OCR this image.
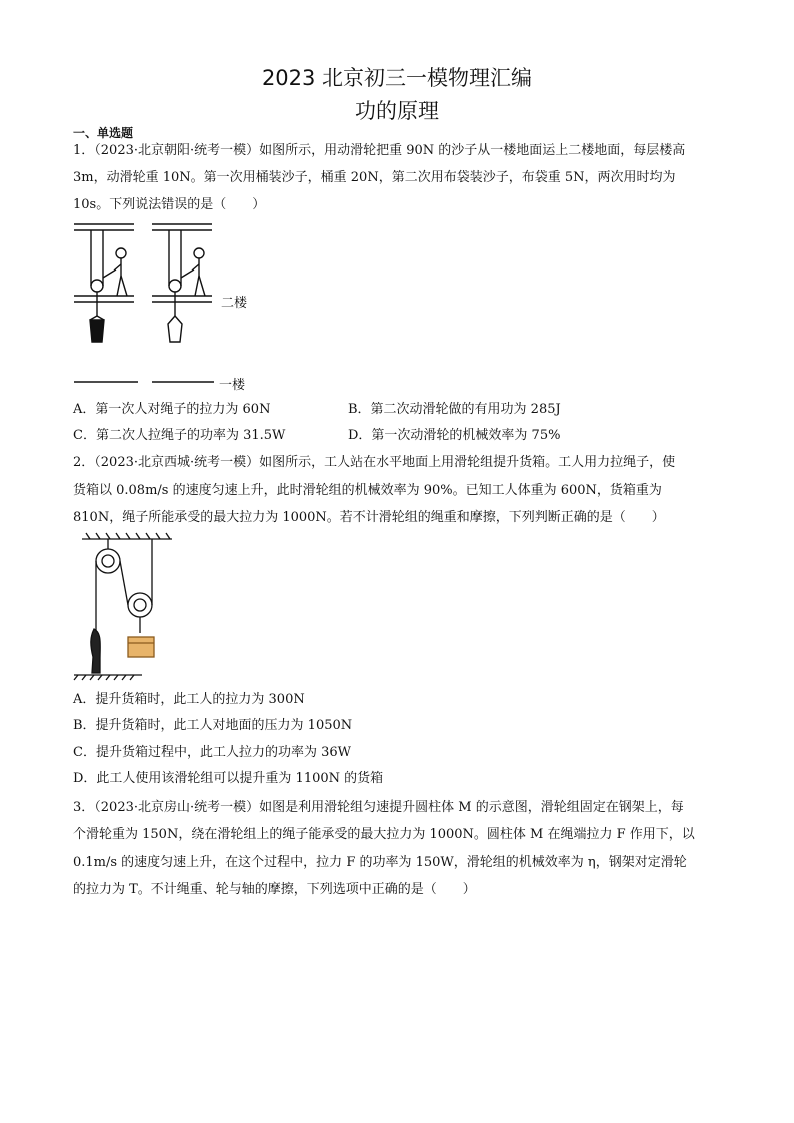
2023 北京初三一模物理汇编
功的原理
一、单选题
1．（2023·北京朝阳·统考一模）如图所示，用动滑轮把重 90N 的沙子从一楼地面运上二楼地面，每层楼高
3m，动滑轮重 10N。第一次用桶装沙子，桶重 20N，第二次用布袋装沙子，布袋重 5N，两次用时均为
10s。下列说法错误的是（　　）
二楼
一楼
A．第一次人对绳子的拉力为 60N	B．第二次动滑轮做的有用功为 285J
C．第二次人拉绳子的功率为 31.5W	D．第一次动滑轮的机械效率为 75%
2．（2023·北京西城·统考一模）如图所示，工人站在水平地面上用滑轮组提升货箱。工人用力拉绳子，使
货箱以 0.08m/s 的速度匀速上升，此时滑轮组的机械效率为 90%。已知工人体重为 600N，货箱重为
810N，绳子所能承受的最大拉力为 1000N。若不计滑轮组的绳重和摩擦，下列判断正确的是（　　）
A．提升货箱时，此工人的拉力为 300N
B．提升货箱时，此工人对地面的压力为 1050N
C．提升货箱过程中，此工人拉力的功率为 36W
D．此工人使用该滑轮组可以提升重为 1100N 的货箱
3．（2023·北京房山·统考一模）如图是利用滑轮组匀速提升圆柱体 M 的示意图，滑轮组固定在钢架上，每
个滑轮重为 150N，绕在滑轮组上的绳子能承受的最大拉力为 1000N。圆柱体 M 在绳端拉力 F 作用下，以
0.1m/s 的速度匀速上升，在这个过程中，拉力 F 的功率为 150W，滑轮组的机械效率为 η，钢架对定滑轮
的拉力为 T。不计绳重、轮与轴的摩擦，下列选项中正确的是（　　）
